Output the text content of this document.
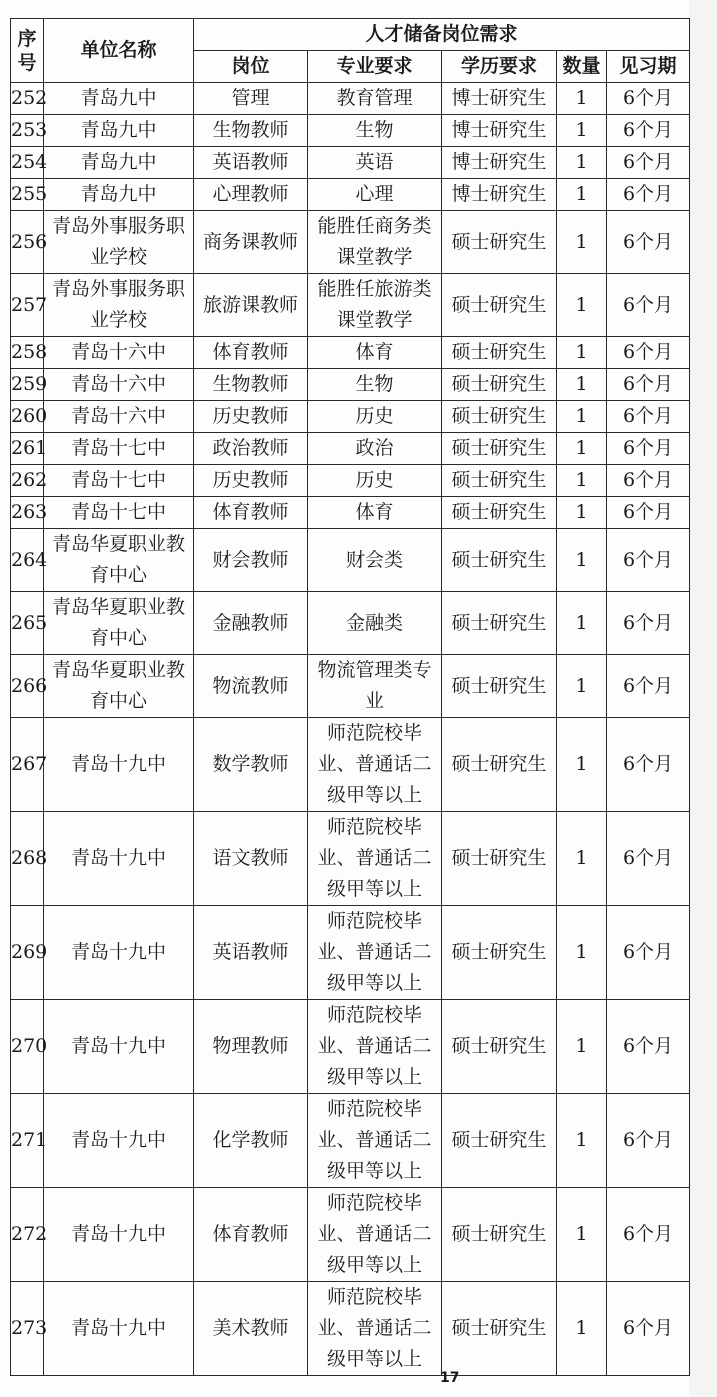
序号	单位名称	人才储备岗位需求				
		岗位	专业要求	学历要求	数量	见习期
252	青岛九中	管理	教育管理	博士研究生	1	6个月
253	青岛九中	生物教师	生物	博士研究生	1	6个月
254	青岛九中	英语教师	英语	博士研究生	1	6个月
255	青岛九中	心理教师	心理	博士研究生	1	6个月
256	青岛外事服务职业学校	商务课教师	能胜任商务类课堂教学	硕士研究生	1	6个月
257	青岛外事服务职业学校	旅游课教师	能胜任旅游类课堂教学	硕士研究生	1	6个月
258	青岛十六中	体育教师	体育	硕士研究生	1	6个月
259	青岛十六中	生物教师	生物	硕士研究生	1	6个月
260	青岛十六中	历史教师	历史	硕士研究生	1	6个月
261	青岛十七中	政治教师	政治	硕士研究生	1	6个月
262	青岛十七中	历史教师	历史	硕士研究生	1	6个月
263	青岛十七中	体育教师	体育	硕士研究生	1	6个月
264	青岛华夏职业教育中心	财会教师	财会类	硕士研究生	1	6个月
265	青岛华夏职业教育中心	金融教师	金融类	硕士研究生	1	6个月
266	青岛华夏职业教育中心	物流教师	物流管理类专业	硕士研究生	1	6个月
267	青岛十九中	数学教师	师范院校毕业、普通话二级甲等以上	硕士研究生	1	6个月
268	青岛十九中	语文教师	师范院校毕业、普通话二级甲等以上	硕士研究生	1	6个月
269	青岛十九中	英语教师	师范院校毕业、普通话二级甲等以上	硕士研究生	1	6个月
270	青岛十九中	物理教师	师范院校毕业、普通话二级甲等以上	硕士研究生	1	6个月
271	青岛十九中	化学教师	师范院校毕业、普通话二级甲等以上	硕士研究生	1	6个月
272	青岛十九中	体育教师	师范院校毕业、普通话二级甲等以上	硕士研究生	1	6个月
273	青岛十九中	美术教师	师范院校毕业、普通话二级甲等以上	硕士研究生	1	6个月
17
